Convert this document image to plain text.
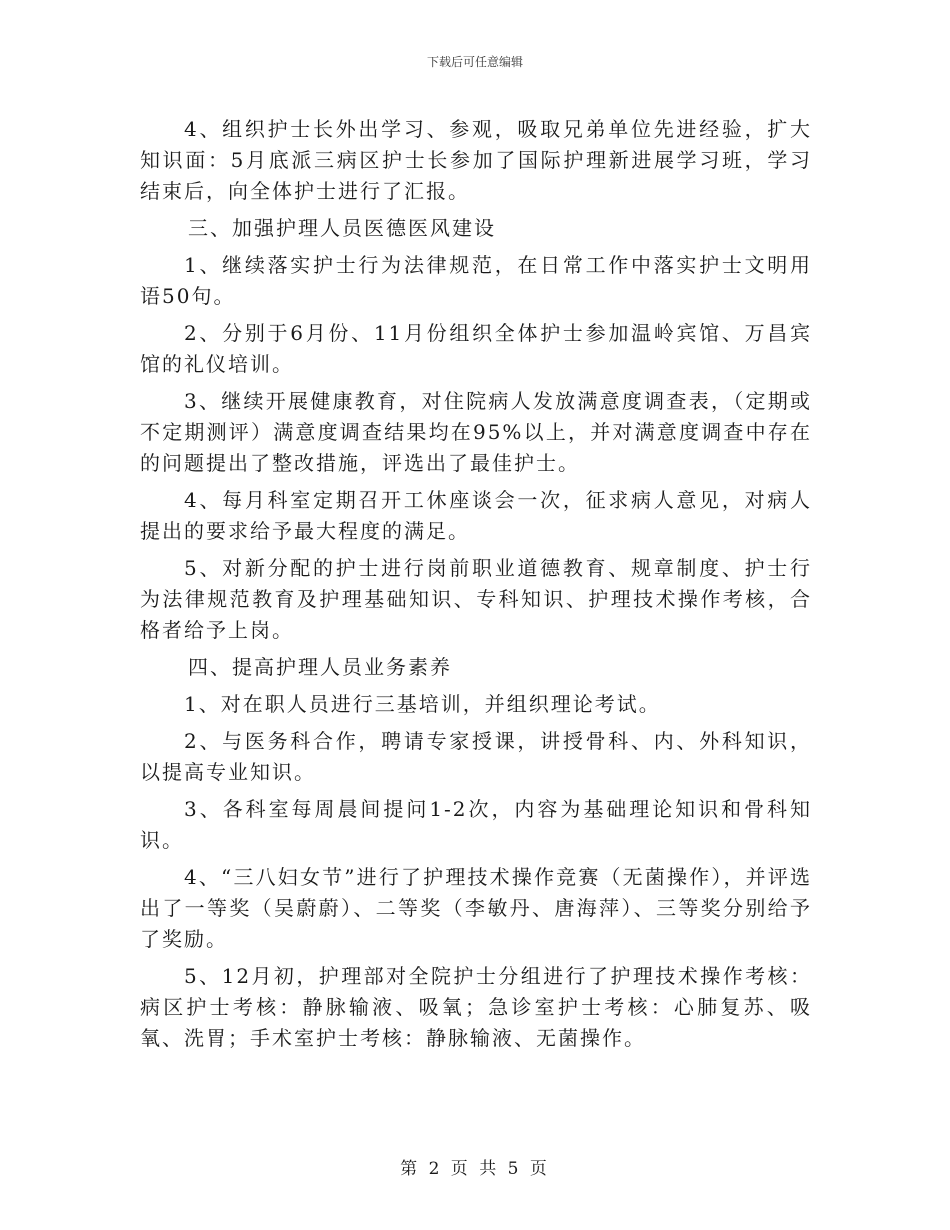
下载后可任意编辑

4、组织护士长外出学习、参观，吸取兄弟单位先进经验，扩大知识面：5月底派三病区护士长参加了国际护理新进展学习班，学习结束后，向全体护士进行了汇报。

三、加强护理人员医德医风建设

1、继续落实护士行为法律规范，在日常工作中落实护士文明用语50句。

2、分别于6月份、11月份组织全体护士参加温岭宾馆、万昌宾馆的礼仪培训。

3、继续开展健康教育，对住院病人发放满意度调查表，（定期或不定期测评）满意度调查结果均在95%以上，并对满意度调查中存在的问题提出了整改措施，评选出了最佳护士。

4、每月科室定期召开工休座谈会一次，征求病人意见，对病人提出的要求给予最大程度的满足。

5、对新分配的护士进行岗前职业道德教育、规章制度、护士行为法律规范教育及护理基础知识、专科知识、护理技术操作考核，合格者给予上岗。

四、提高护理人员业务素养

1、对在职人员进行三基培训，并组织理论考试。

2、与医务科合作，聘请专家授课，讲授骨科、内、外科知识，以提高专业知识。

3、各科室每周晨间提问1-2次，内容为基础理论知识和骨科知识。

4、“三八妇女节”进行了护理技术操作竞赛（无菌操作），并评选出了一等奖（吴蔚蔚）、二等奖（李敏丹、唐海萍）、三等奖分别给予了奖励。

5、12月初，护理部对全院护士分组进行了护理技术操作考核：病区护士考核：静脉输液、吸氧；急诊室护士考核：心肺复苏、吸氧、洗胃；手术室护士考核：静脉输液、无菌操作。

第 2 页 共 5 页
